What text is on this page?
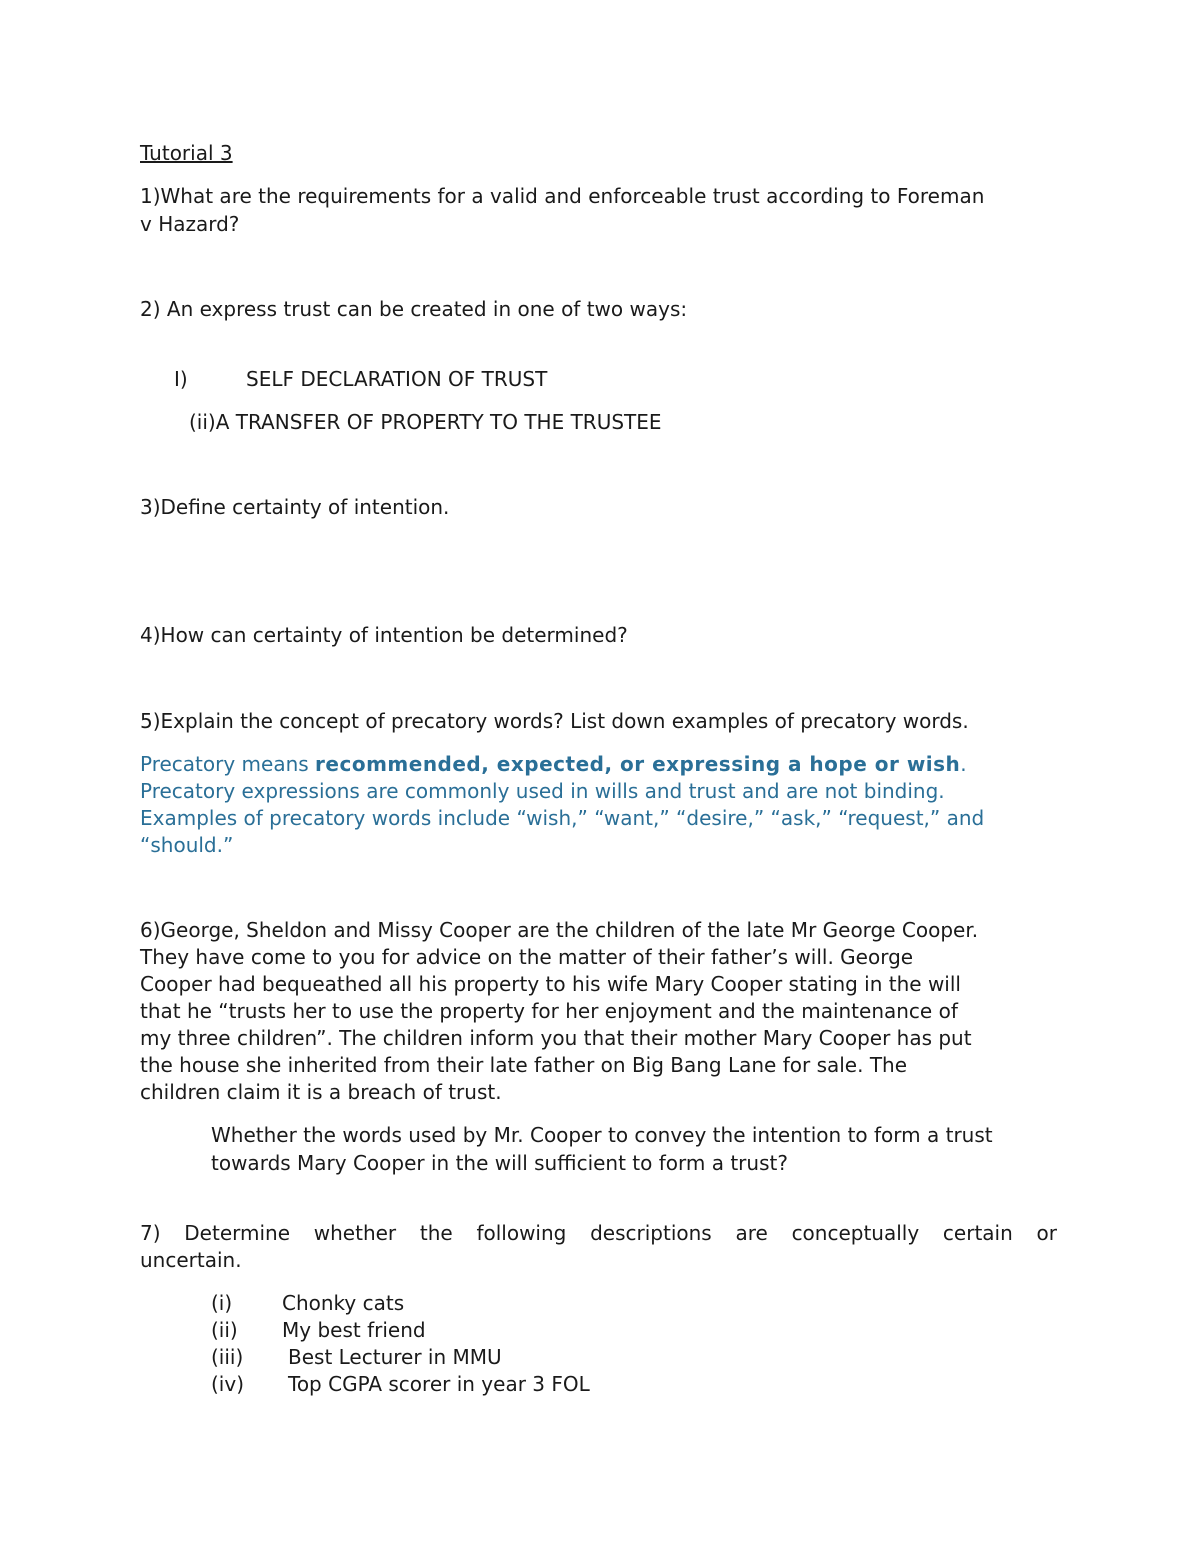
Tutorial 3

1)What are the requirements for a valid and enforceable trust according to Foreman

v Hazard?

2) An express trust can be created in one of two ways:

I)	SELF DECLARATION OF TRUST
(ii)A TRANSFER OF PROPERTY TO THE TRUSTEE

3)Define certainty of intention.

4)How can certainty of intention be determined?

5)Explain the concept of precatory words? List down examples of precatory words.

Precatory means recommended, expected, or expressing a hope or wish.

Precatory expressions are commonly used in wills and trust and are not binding.

Examples of precatory words include “wish,” “want,” “desire,” “ask,” “request,” and

“should.”

6)George, Sheldon and Missy Cooper are the children of the late Mr George Cooper.

They have come to you for advice on the matter of their father’s will. George

Cooper had bequeathed all his property to his wife Mary Cooper stating in the will

that he “trusts her to use the property for her enjoyment and the maintenance of

my three children”. The children inform you that their mother Mary Cooper has put

the house she inherited from their late father on Big Bang Lane for sale. The

children claim it is a breach of trust.

Whether the words used by Mr. Cooper to convey the intention to form a trust

towards Mary Cooper in the will sufficient to form a trust?

7) Determine whether the following descriptions are conceptually certain or

uncertain.

(i) Chonky cats
(ii) My best friend
(iii) Best Lecturer in MMU
(iv) Top CGPA scorer in year 3 FOL
